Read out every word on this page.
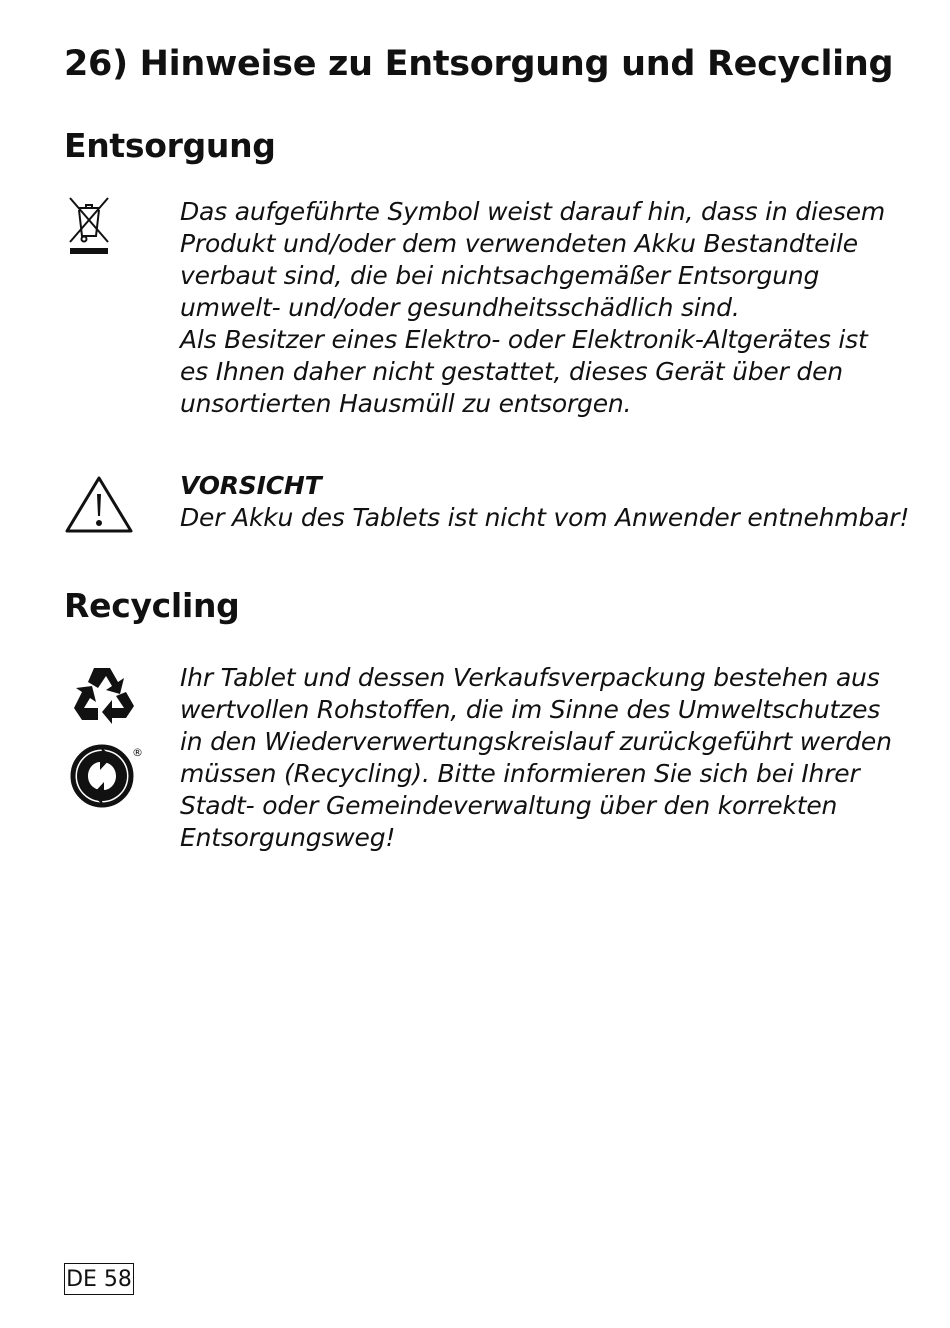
26) Hinweise zu Entsorgung und Recycling
Entsorgung
Das aufgeführte Symbol weist darauf hin, dass in diesem
Produkt und/oder dem verwendeten Akku Bestandteile
verbaut sind, die bei nichtsachgemäßer Entsorgung
umwelt- und/oder gesundheitsschädlich sind.
Als Besitzer eines Elektro- oder Elektronik-Altgerätes ist
es Ihnen daher nicht gestattet, dieses Gerät über den
unsortierten Hausmüll zu entsorgen.
VORSICHT
Der Akku des Tablets ist nicht vom Anwender entnehmbar!
Recycling
®
Ihr Tablet und dessen Verkaufsverpackung bestehen aus
wertvollen Rohstoffen, die im Sinne des Umweltschutzes
in den Wiederverwertungskreislauf zurückgeführt werden
müssen (Recycling). Bitte informieren Sie sich bei Ihrer
Stadt- oder Gemeindeverwaltung über den korrekten
Entsorgungsweg!
DE 58
